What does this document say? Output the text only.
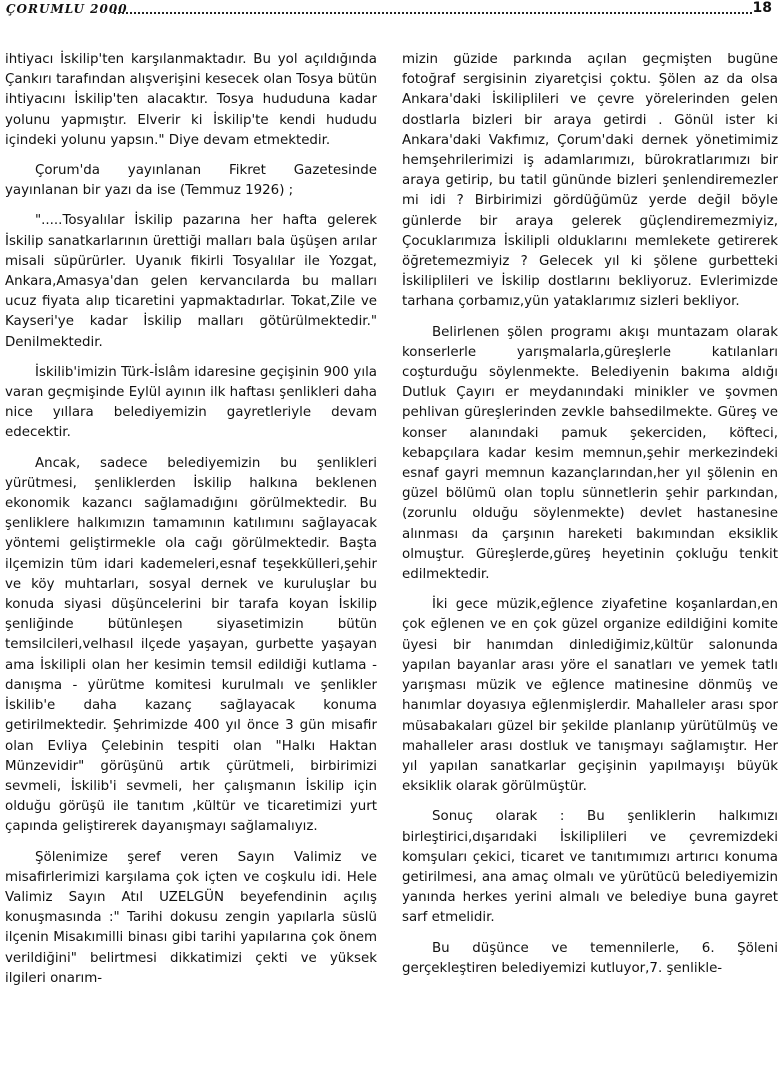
ÇORUMLU 2000	18

ihtiyacı İskilip'ten karşılanmaktadır. Bu yol açıldığında Çankırı tarafından alışverişini kesecek olan Tosya bütün ihtiyacını İskilip'ten alacaktır. Tosya hududuna kadar yolunu yapmıştır. Elverir ki İskilip'te kendi hududu içindeki yolunu yapsın." Diye devam etmektedir.

Çorum'da yayınlanan Fikret Gazetesinde yayınlanan bir yazı da ise (Temmuz 1926) ;

".....Tosyalılar İskilip pazarına her hafta gelerek İskilip sanatkarlarının ürettiği malları bala üşüşen arılar misali süpürürler. Uyanık fikirli Tosyalılar ile Yozgat, Ankara,Amasya'dan gelen kervancılarda bu malları ucuz fiyata alıp ticaretini yapmaktadırlar. Tokat,Zile ve Kayseri'ye kadar İskilip malları götürülmektedir." Denilmektedir.

İskilib'imizin Türk-İslâm idaresine geçişinin 900 yıla varan geçmişinde Eylül ayının ilk haftası şenlikleri daha nice yıllara belediyemizin gayretleriyle devam edecektir.

Ancak, sadece belediyemizin bu şenlikleri yürütmesi, şenliklerden İskilip halkına beklenen ekonomik kazancı sağlamadığını görülmektedir. Bu şenliklere halkımızın tamamının katılımını sağlayacak yöntemi geliştirmekle ola cağı görülmektedir. Başta ilçemizin tüm idari kademeleri,esnaf teşekkülleri,şehir ve köy muhtarları, sosyal dernek ve kuruluşlar bu konuda siyasi düşüncelerini bir tarafa koyan İskilip şenliğinde bütünleşen siyasetimizin bütün temsilcileri,velhasıl ilçede yaşayan, gurbette yaşayan ama İskilipli olan her kesimin temsil edildiği kutlama - danışma - yürütme komitesi kurulmalı ve şenlikler İskilib'e daha kazanç sağlayacak konuma getirilmektedir. Şehrimizde 400 yıl önce 3 gün misafir olan Evliya Çelebinin tespiti olan "Halkı Haktan Münzevidir" görüşünü artık çürütmeli, birbirimizi sevmeli, İskilib'i sevmeli, her çalışmanın İskilip için olduğu görüşü ile tanıtım ,kültür ve ticaretimizi yurt çapında geliştirerek dayanışmayı sağlamalıyız.

Şölenimize şeref veren Sayın Valimiz ve misafirlerimizi karşılama çok içten ve coşkulu idi. Hele Valimiz Sayın Atıl UZELGÜN beyefendinin açılış konuşmasında :" Tarihi dokusu zengin yapılarla süslü ilçenin Misakımilli binası gibi tarihi yapılarına çok önem verildiğini" belirtmesi dikkatimizi çekti ve yüksek ilgileri onarım-

mizin güzide parkında açılan geçmişten bugüne fotoğraf sergisinin ziyaretçisi çoktu. Şölen az da olsa Ankara'daki İskiliplileri ve çevre yörelerinden gelen dostlarla bizleri bir araya getirdi . Gönül ister ki Ankara'daki Vakfımız, Çorum'daki dernek yönetimimiz hemşehrilerimizi iş adamlarımızı, bürokratlarımızı bir araya getirip, bu tatil gününde bizleri şenlendiremezler mi idi ? Birbirimizi gördüğümüz yerde değil böyle günlerde bir araya gelerek güçlendiremezmiyiz, Çocuklarımıza İskilipli olduklarını memlekete getirerek öğretemezmiyiz ? Gelecek yıl ki şölene gurbetteki İskiliplileri ve İskilip dostlarını bekliyoruz. Evlerimizde tarhana çorbamız,yün yataklarımız sizleri bekliyor.

Belirlenen şölen programı akışı muntazam olarak konserlerle yarışmalarla,güreşlerle katılanları coşturduğu söylenmekte. Belediyenin bakıma aldığı Dutluk Çayırı er meydanındaki minikler ve şovmen pehlivan güreşlerinden zevkle bahsedilmekte. Güreş ve konser alanındaki pamuk şekerciden, köfteci, kebapçılara kadar kesim memnun,şehir merkezindeki esnaf gayri memnun kazançlarından,her yıl şölenin en güzel bölümü olan toplu sünnetlerin şehir parkından,(zorunlu olduğu söylenmekte) devlet hastanesine alınması da çarşının hareketi bakımından eksiklik olmuştur. Güreşlerde,güreş heyetinin çokluğu tenkit edilmektedir.

İki gece müzik,eğlence ziyafetine koşanlardan,en çok eğlenen ve en çok güzel organize edildiğini komite üyesi bir hanımdan dinlediğimiz,kültür salonunda yapılan bayanlar arası yöre el sanatları ve yemek tatlı yarışması müzik ve eğlence matinesine dönmüş ve hanımlar doyasıya eğlenmişlerdir. Mahalleler arası spor müsabakaları güzel bir şekilde planlanıp yürütülmüş ve mahalleler arası dostluk ve tanışmayı sağlamıştır. Her yıl yapılan sanatkarlar geçişinin yapılmayışı büyük eksiklik olarak görülmüştür.

Sonuç olarak : Bu şenliklerin halkımızı birleştirici,dışarıdaki İskiliplileri ve çevremizdeki komşuları çekici, ticaret ve tanıtımımızı artırıcı konuma getirilmesi, ana amaç olmalı ve yürütücü belediyemizin yanında herkes yerini almalı ve belediye buna gayret sarf etmelidir.

Bu düşünce ve temennilerle, 6. Şöleni gerçekleştiren belediyemizi kutluyor,7. şenlikle-
